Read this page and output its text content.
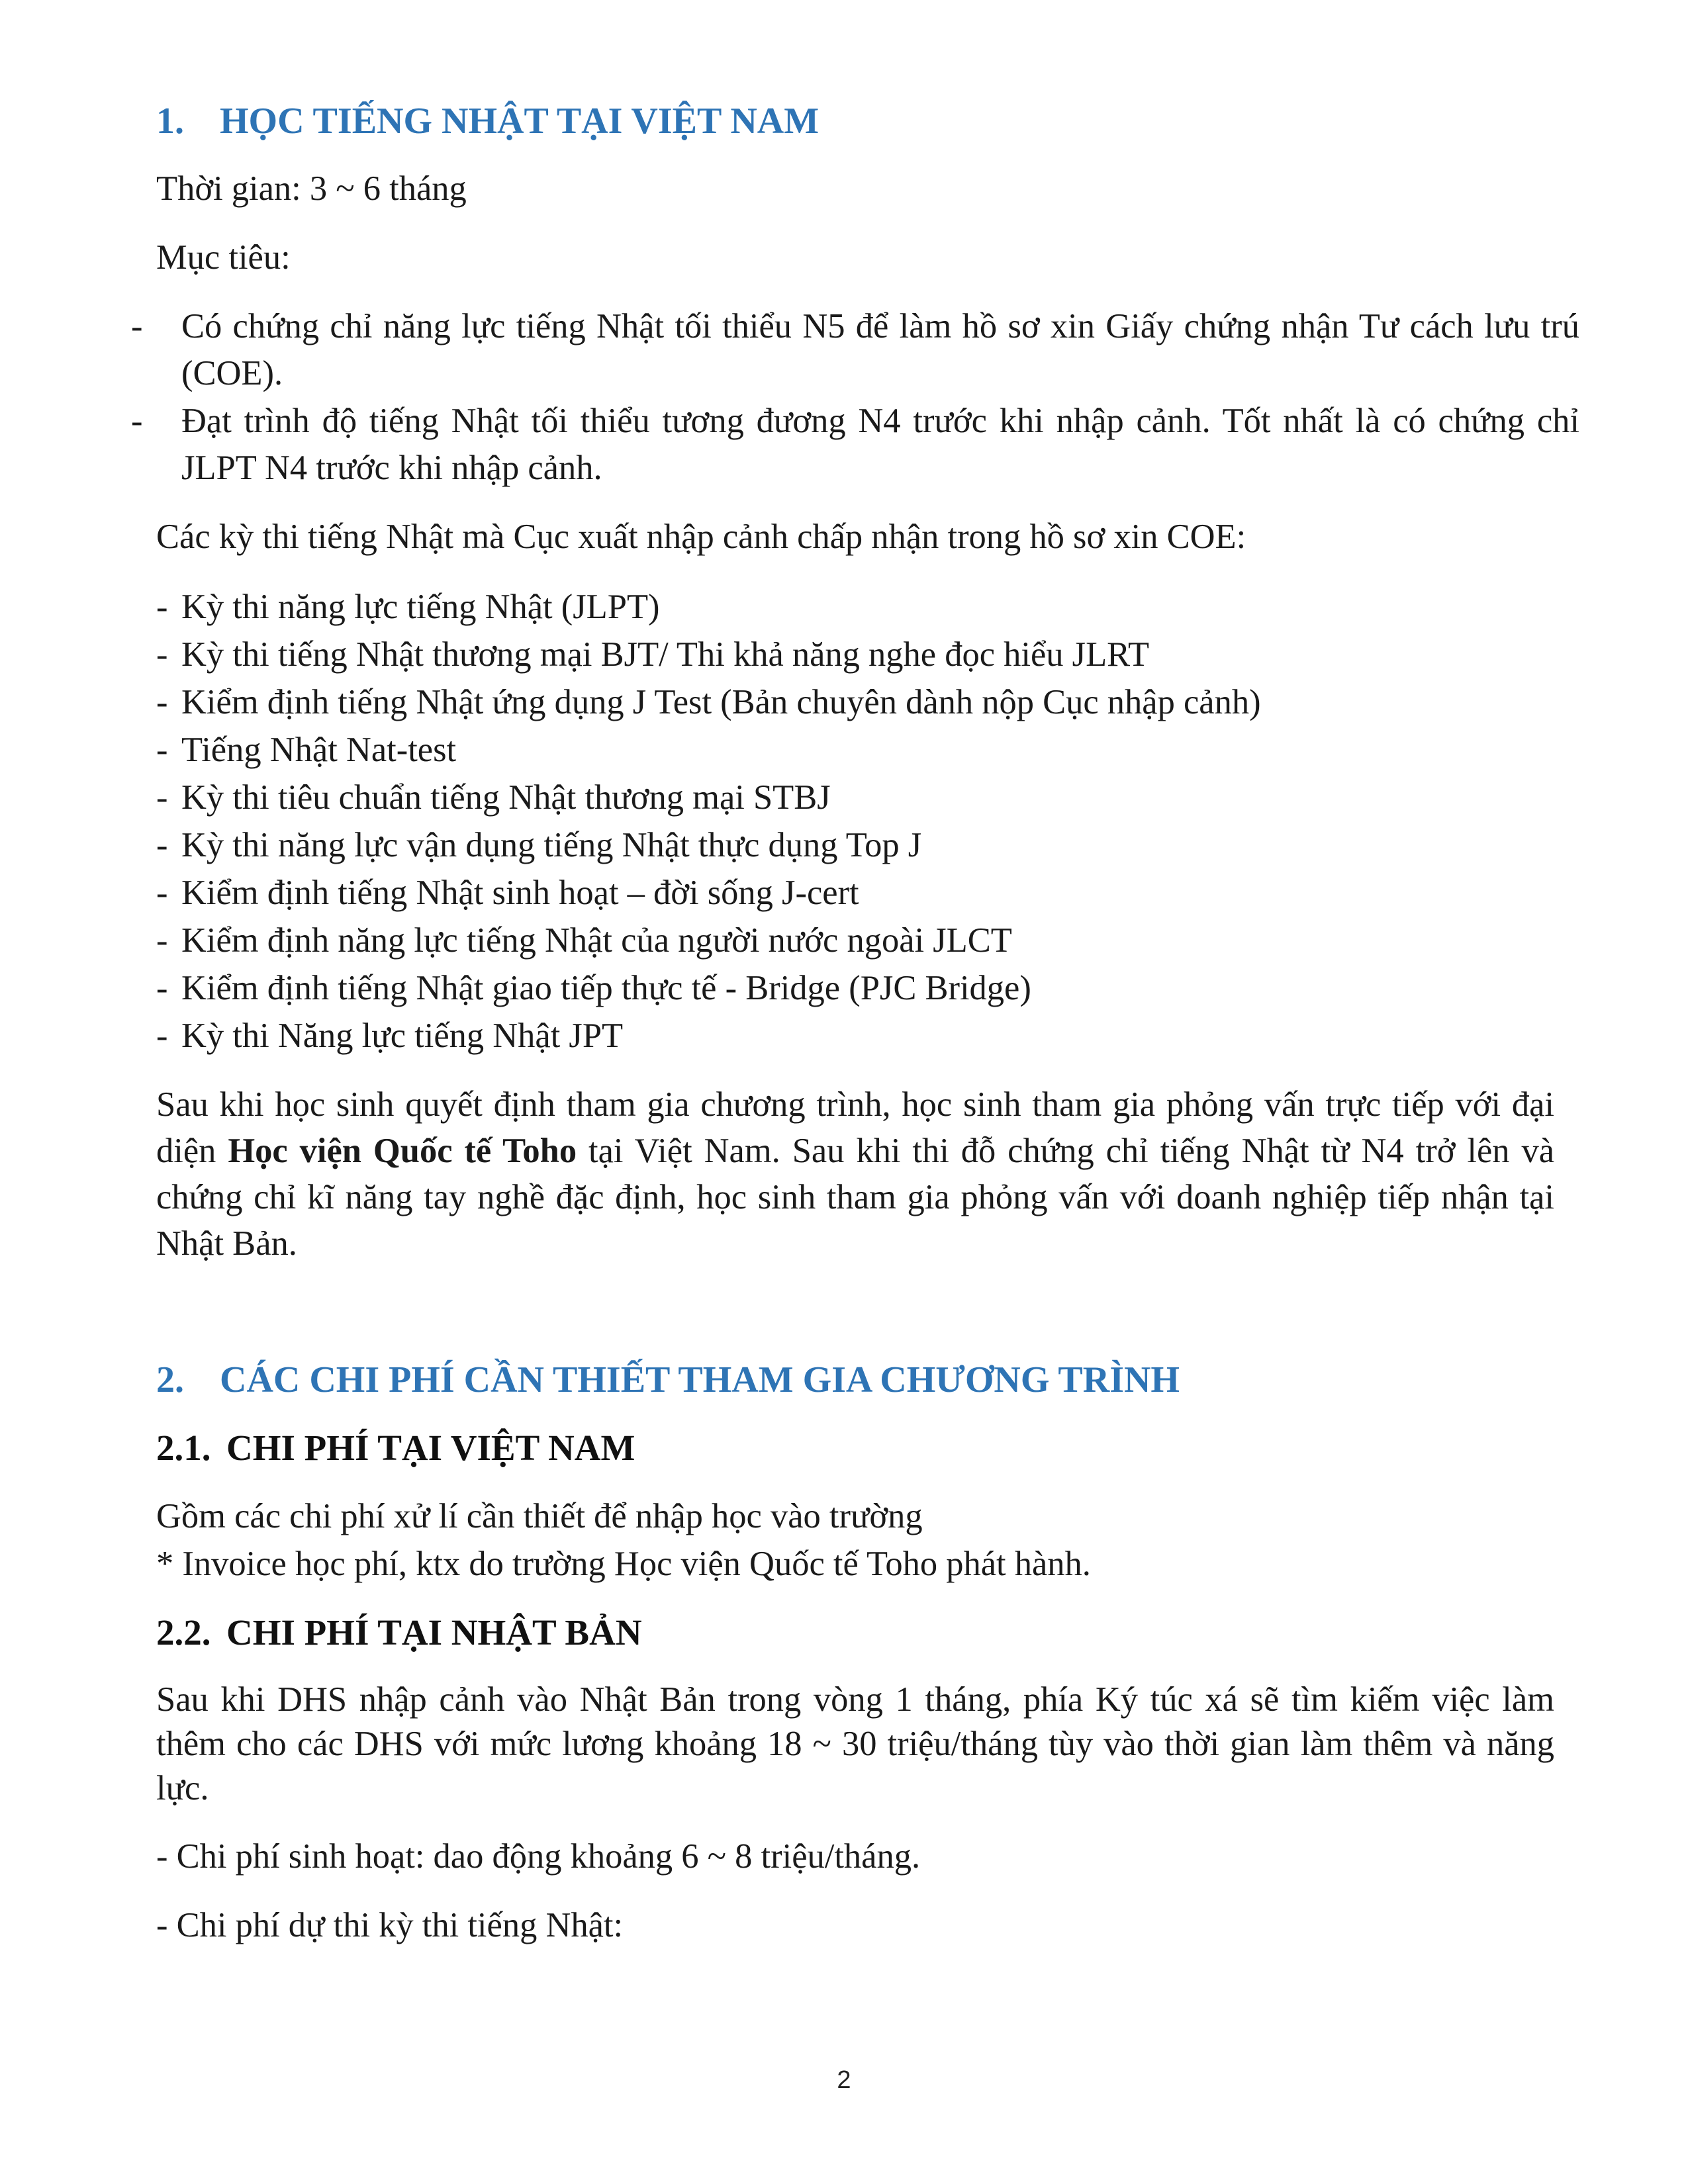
1. HỌC TIẾNG NHẬT TẠI VIỆT NAM
Thời gian: 3 ~ 6 tháng
Mục tiêu:
- Có chứng chỉ năng lực tiếng Nhật tối thiểu N5 để làm hồ sơ xin Giấy chứng nhận Tư cách lưu trú (COE).
- Đạt trình độ tiếng Nhật tối thiểu tương đương N4 trước khi nhập cảnh. Tốt nhất là có chứng chỉ JLPT N4 trước khi nhập cảnh.
Các kỳ thi tiếng Nhật mà Cục xuất nhập cảnh chấp nhận trong hồ sơ xin COE:
- Kỳ thi năng lực tiếng Nhật (JLPT)
- Kỳ thi tiếng Nhật thương mại BJT/ Thi khả năng nghe đọc hiểu JLRT
- Kiểm định tiếng Nhật ứng dụng J Test (Bản chuyên dành nộp Cục nhập cảnh)
- Tiếng Nhật Nat-test
- Kỳ thi tiêu chuẩn tiếng Nhật thương mại STBJ
- Kỳ thi năng lực vận dụng tiếng Nhật thực dụng Top J
- Kiểm định tiếng Nhật sinh hoạt – đời sống J-cert
- Kiểm định năng lực tiếng Nhật của người nước ngoài JLCT
- Kiểm định tiếng Nhật giao tiếp thực tế - Bridge (PJC Bridge)
- Kỳ thi Năng lực tiếng Nhật JPT
Sau khi học sinh quyết định tham gia chương trình, học sinh tham gia phỏng vấn trực tiếp với đại diện Học viện Quốc tế Toho tại Việt Nam. Sau khi thi đỗ chứng chỉ tiếng Nhật từ N4 trở lên và chứng chỉ kĩ năng tay nghề đặc định, học sinh tham gia phỏng vấn với doanh nghiệp tiếp nhận tại Nhật Bản.
2. CÁC CHI PHÍ CẦN THIẾT THAM GIA CHƯƠNG TRÌNH
2.1. CHI PHÍ TẠI VIỆT NAM
Gồm các chi phí xử lí cần thiết để nhập học vào trường
* Invoice học phí, ktx do trường Học viện Quốc tế Toho phát hành.
2.2. CHI PHÍ TẠI NHẬT BẢN
Sau khi DHS nhập cảnh vào Nhật Bản trong vòng 1 tháng, phía Ký túc xá sẽ tìm kiếm việc làm thêm cho các DHS với mức lương khoảng 18 ~ 30 triệu/tháng tùy vào thời gian làm thêm và năng lực.
- Chi phí sinh hoạt: dao động khoảng 6 ~ 8 triệu/tháng.
- Chi phí dự thi kỳ thi tiếng Nhật:
2
